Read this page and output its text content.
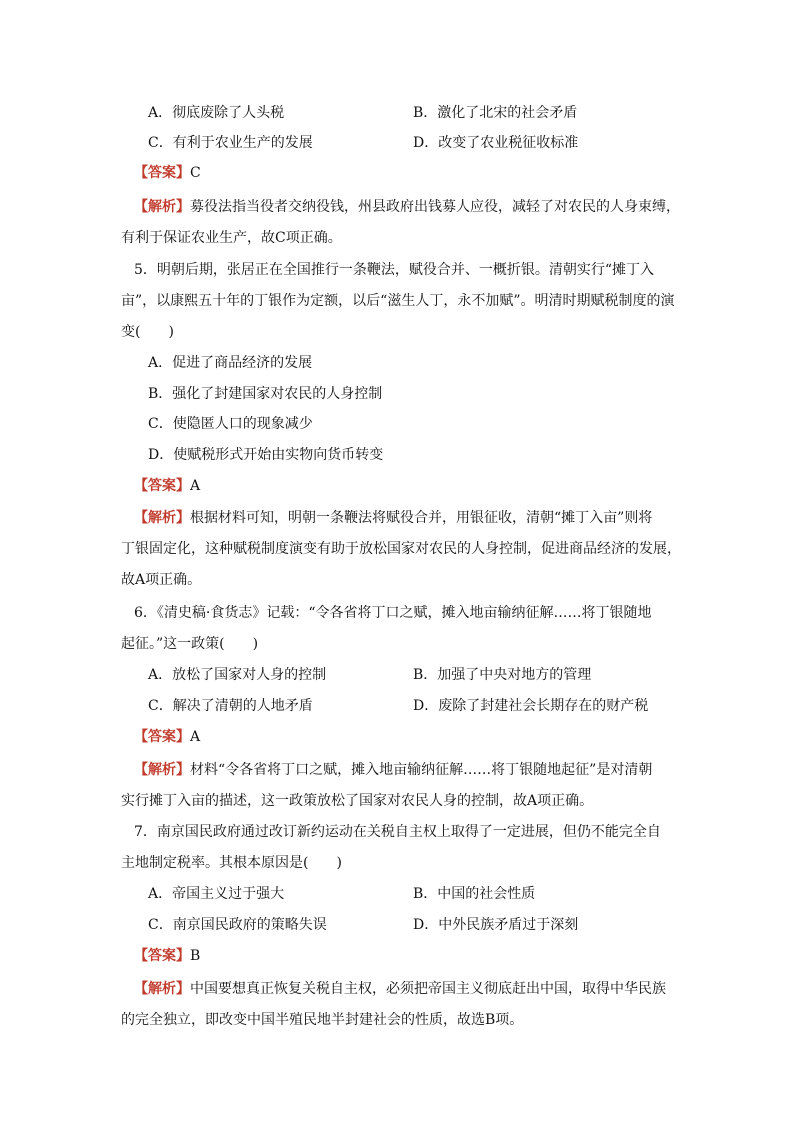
A．彻底废除了人头税	B．激化了北宋的社会矛盾
C．有利于农业生产的发展	D．改变了农业税征收标准
【答案】C
【解析】募役法指当役者交纳役钱，州县政府出钱募人应役，减轻了对农民的人身束缚，
有利于保证农业生产，故C项正确。
5．明朝后期，张居正在全国推行一条鞭法，赋役合并、一概折银。清朝实行“摊丁入
亩”，以康熙五十年的丁银作为定额，以后“滋生人丁，永不加赋”。明清时期赋税制度的演
变(　　)
A．促进了商品经济的发展
B．强化了封建国家对农民的人身控制
C．使隐匿人口的现象减少
D．使赋税形式开始由实物向货币转变
【答案】A
【解析】根据材料可知，明朝一条鞭法将赋役合并，用银征收，清朝“摊丁入亩”则将
丁银固定化，这种赋税制度演变有助于放松国家对农民的人身控制，促进商品经济的发展，
故A项正确。
6．《清史稿·食货志》记载：“令各省将丁口之赋，摊入地亩输纳征解……将丁银随地
起征。”这一政策(　　)
A．放松了国家对人身的控制	B．加强了中央对地方的管理
C．解决了清朝的人地矛盾	D．废除了封建社会长期存在的财产税
【答案】A
【解析】材料“令各省将丁口之赋，摊入地亩输纳征解……将丁银随地起征”是对清朝
实行摊丁入亩的描述，这一政策放松了国家对农民人身的控制，故A项正确。
7．南京国民政府通过改订新约运动在关税自主权上取得了一定进展，但仍不能完全自
主地制定税率。其根本原因是(　　)
A．帝国主义过于强大	B．中国的社会性质
C．南京国民政府的策略失误	D．中外民族矛盾过于深刻
【答案】B
【解析】中国要想真正恢复关税自主权，必须把帝国主义彻底赶出中国，取得中华民族
的完全独立，即改变中国半殖民地半封建社会的性质，故选B项。
